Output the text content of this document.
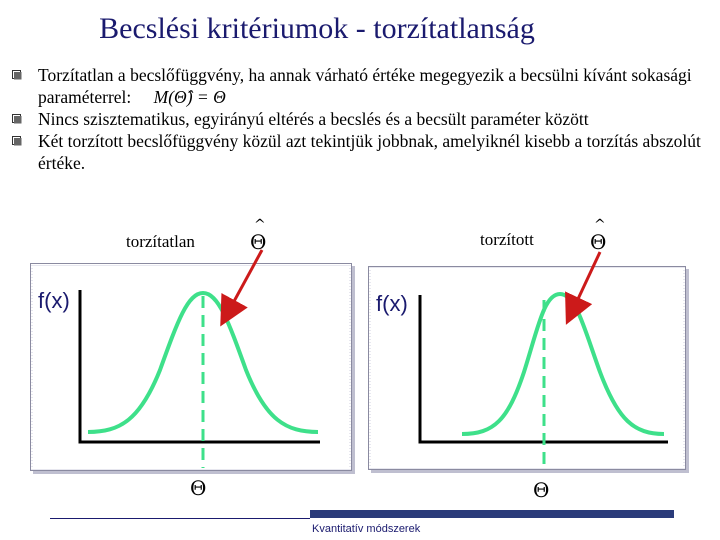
Becslési kritériumok - torzítatlanság
Torzítatlan a becslőfüggvény, ha annak várható értéke megegyezik a becsülni kívánt sokasági paraméterrel: M(Θ̂) = Θ
Nincs szisztematikus, egyirányú eltérés a becslés és a becsült paraméter között
Két torzított becslőfüggvény közül azt tekintjük jobbnak, amelyiknél kisebb a torzítás abszolút értéke.
torzítatlan
^
Θ	torzított
^
Θ
f(x)	f(x)
Θ	Θ
Kvantitatív módszerek
